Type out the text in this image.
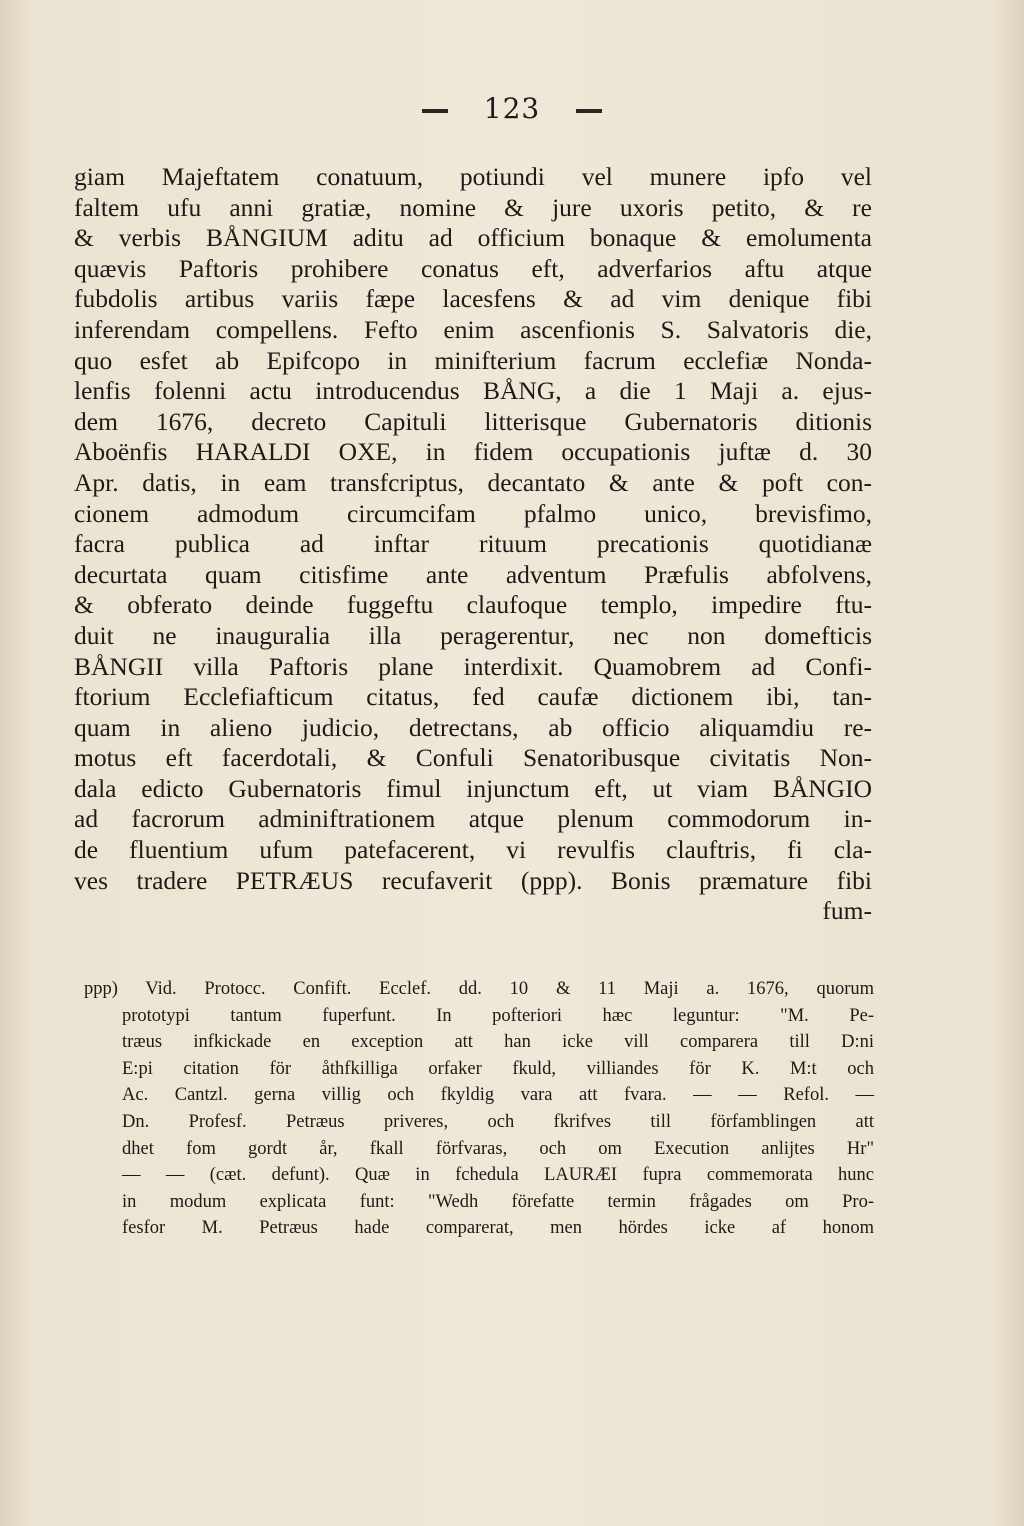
123
giam Majeftatem conatuum, potiundi vel munere ipfo vel
faltem ufu anni gratiæ, nomine & jure uxoris petito, & re
& verbis BÅNGIUM aditu ad officium bonaque & emolumenta
quævis Paftoris prohibere conatus eft, adverfarios aftu atque
fubdolis artibus variis fæpe lacesfens & ad vim denique fibi
inferendam compellens. Fefto enim ascenfionis S. Salvatoris die,
quo esfet ab Epifcopo in minifterium facrum ecclefiæ Nonda-
lenfis folenni actu introducendus BÅNG, a die 1 Maji a. ejus-
dem 1676, decreto Capituli litterisque Gubernatoris ditionis
Aboënfis HARALDI OXE, in fidem occupationis juftæ d. 30
Apr. datis, in eam transfcriptus, decantato & ante & poft con-
cionem admodum circumcifam pfalmo unico, brevisfimo,
facra publica ad inftar rituum precationis quotidianæ
decurtata quam citisfime ante adventum Præfulis abfolvens,
& obferato deinde fuggeftu claufoque templo, impedire ftu-
duit ne inauguralia illa peragerentur, nec non domefticis
BÅNGII villa Paftoris plane interdixit. Quamobrem ad Confi-
ftorium Ecclefiafticum citatus, fed caufæ dictionem ibi, tan-
quam in alieno judicio, detrectans, ab officio aliquamdiu re-
motus eft facerdotali, & Confuli Senatoribusque civitatis Non-
dala edicto Gubernatoris fimul injunctum eft, ut viam BÅNGIO
ad facrorum adminiftrationem atque plenum commodorum in-
de fluentium ufum patefacerent, vi revulfis clauftris, fi cla-
ves tradere PETRÆUS recufaverit (ppp). Bonis præmature fibi
fum-
ppp) Vid. Protocc. Confift. Ecclef. dd. 10 & 11 Maji a. 1676, quorum
prototypi tantum fuperfunt. In pofteriori hæc leguntur: "M. Pe-
træus infkickade en exception att han icke vill comparera till D:ni
E:pi citation för åthfkilliga orfaker fkuld, villiandes för K. M:t och
Ac. Cantzl. gerna villig och fkyldig vara att fvara. — — Refol. —
Dn. Profesf. Petræus priveres, och fkrifves till förfamblingen att
dhet fom gordt år, fkall förfvaras, och om Execution anlijtes Hr"
— — (cæt. defunt). Quæ in fchedula LAURÆI fupra commemorata hunc
in modum explicata funt: "Wedh förefatte termin frågades om Pro-
fesfor M. Petræus hade comparerat, men hördes icke af honom
